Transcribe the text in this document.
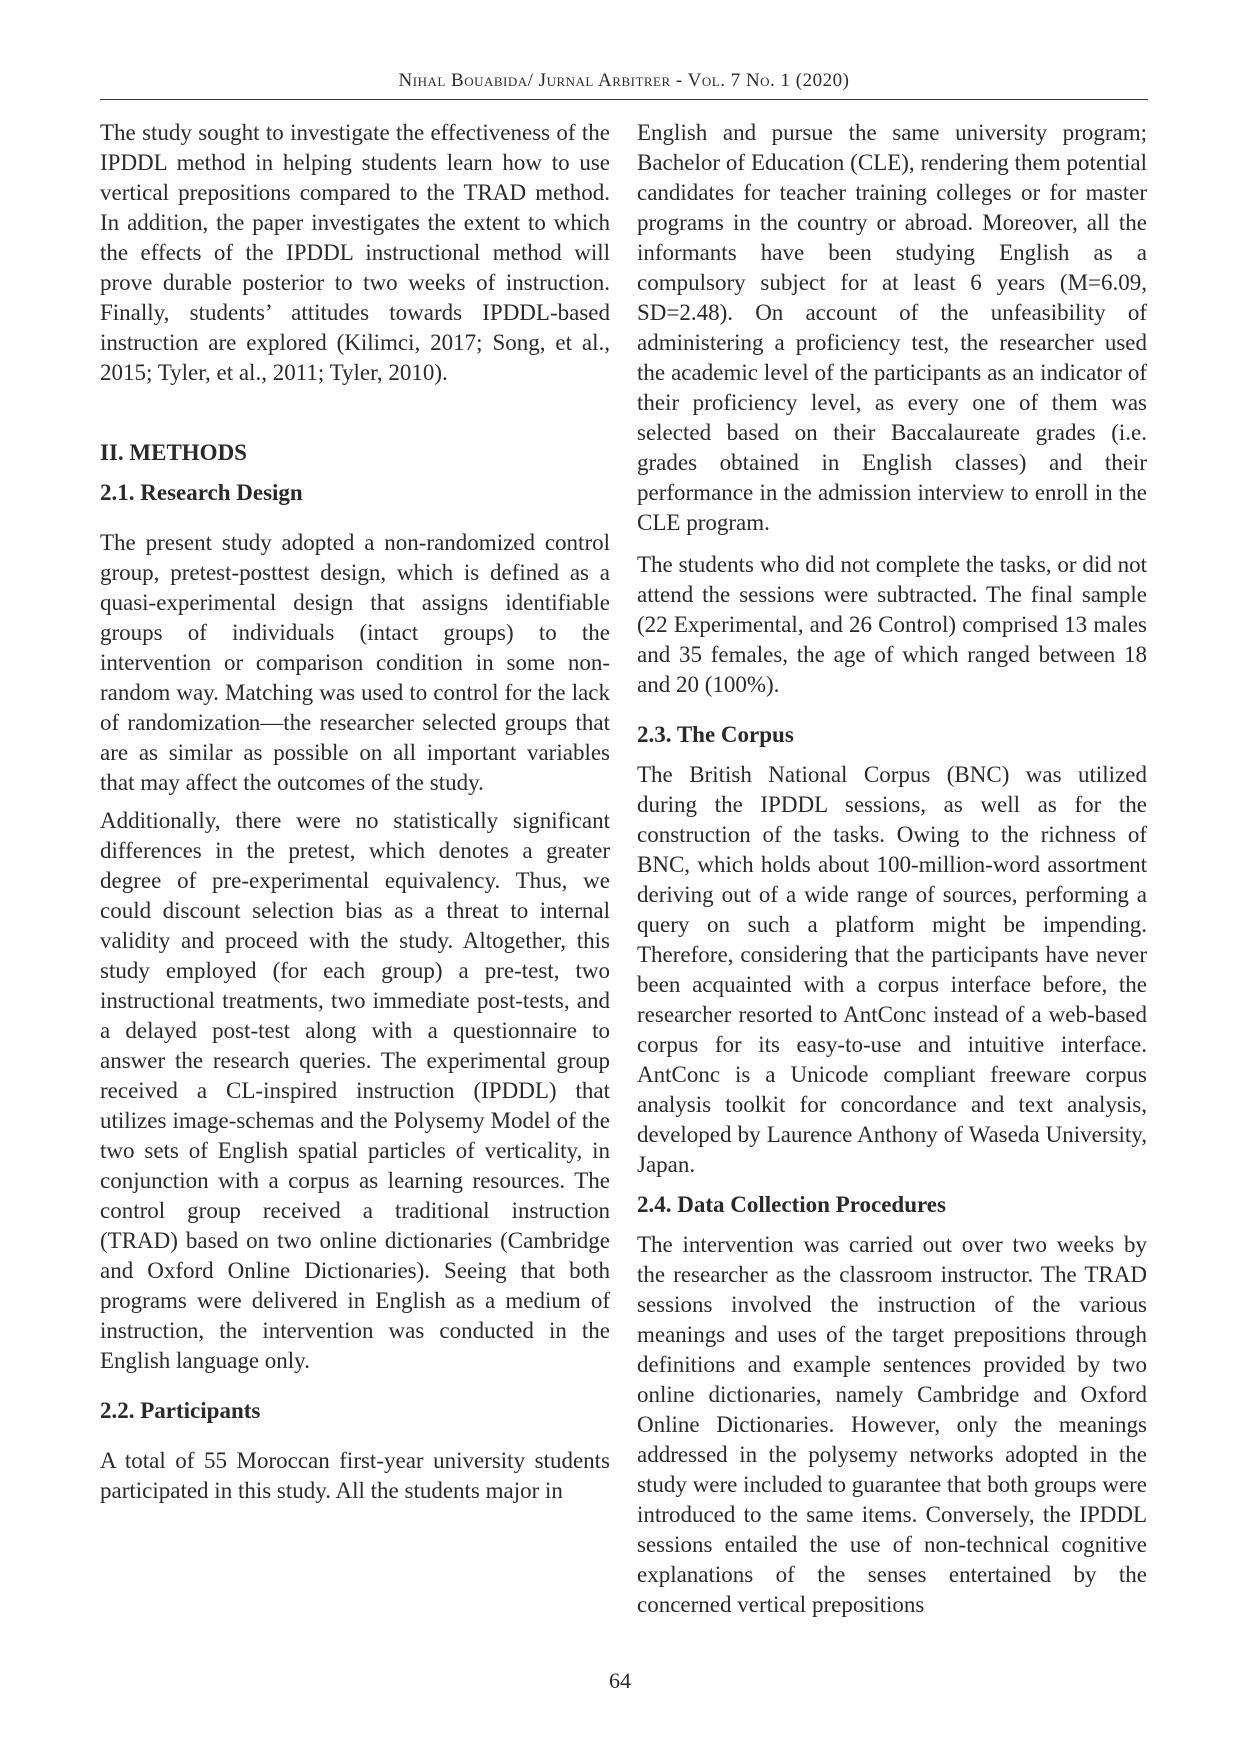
Nihal Bouabida/ Jurnal Arbitrer - Vol. 7 No. 1 (2020)

The study sought to investigate the effectiveness of the IPDDL method in helping students learn how to use vertical prepositions compared to the TRAD method. In addition, the paper investigates the extent to which the effects of the IPDDL instructional method will prove durable posterior to two weeks of instruction. Finally, students’ attitudes towards IPDDL-based instruction are explored (Kilimci, 2017; Song, et al., 2015; Tyler, et al., 2011; Tyler, 2010).

II. METHODS
2.1. Research Design

The present study adopted a non-randomized control group, pretest-posttest design, which is defined as a quasi-experimental design that assigns identifiable groups of individuals (intact groups) to the intervention or comparison condition in some non-random way. Matching was used to control for the lack of randomization—the researcher selected groups that are as similar as possible on all important variables that may affect the outcomes of the study.

Additionally, there were no statistically significant differences in the pretest, which denotes a greater degree of pre-experimental equivalency. Thus, we could discount selection bias as a threat to internal validity and proceed with the study. Altogether, this study employed (for each group) a pre-test, two instructional treatments, two immediate post-tests, and a delayed post-test along with a questionnaire to answer the research queries. The experimental group received a CL-inspired instruction (IPDDL) that utilizes image-schemas and the Polysemy Model of the two sets of English spatial particles of verticality, in conjunction with a corpus as learning resources. The control group received a traditional instruction (TRAD) based on two online dictionaries (Cambridge and Oxford Online Dictionaries). Seeing that both programs were delivered in English as a medium of instruction, the intervention was conducted in the English language only.

2.2. Participants

A total of 55 Moroccan first-year university students participated in this study. All the students major in

English and pursue the same university program; Bachelor of Education (CLE), rendering them potential candidates for teacher training colleges or for master programs in the country or abroad. Moreover, all the informants have been studying English as a compulsory subject for at least 6 years (M=6.09, SD=2.48). On account of the unfeasibility of administering a proficiency test, the researcher used the academic level of the participants as an indicator of their proficiency level, as every one of them was selected based on their Baccalaureate grades (i.e. grades obtained in English classes) and their performance in the admission interview to enroll in the CLE program.

The students who did not complete the tasks, or did not attend the sessions were subtracted. The final sample (22 Experimental, and 26 Control) comprised 13 males and 35 females, the age of which ranged between 18 and 20 (100%).

2.3. The Corpus

The British National Corpus (BNC) was utilized during the IPDDL sessions, as well as for the construction of the tasks. Owing to the richness of BNC, which holds about 100-million-word assortment deriving out of a wide range of sources, performing a query on such a platform might be impending. Therefore, considering that the participants have never been acquainted with a corpus interface before, the researcher resorted to AntConc instead of a web-based corpus for its easy-to-use and intuitive interface. AntConc is a Unicode compliant freeware corpus analysis toolkit for concordance and text analysis, developed by Laurence Anthony of Waseda University, Japan.

2.4. Data Collection Procedures

The intervention was carried out over two weeks by the researcher as the classroom instructor. The TRAD sessions involved the instruction of the various meanings and uses of the target prepositions through definitions and example sentences provided by two online dictionaries, namely Cambridge and Oxford Online Dictionaries. However, only the meanings addressed in the polysemy networks adopted in the study were included to guarantee that both groups were introduced to the same items. Conversely, the IPDDL sessions entailed the use of non-technical cognitive explanations of the senses entertained by the concerned vertical prepositions

64
